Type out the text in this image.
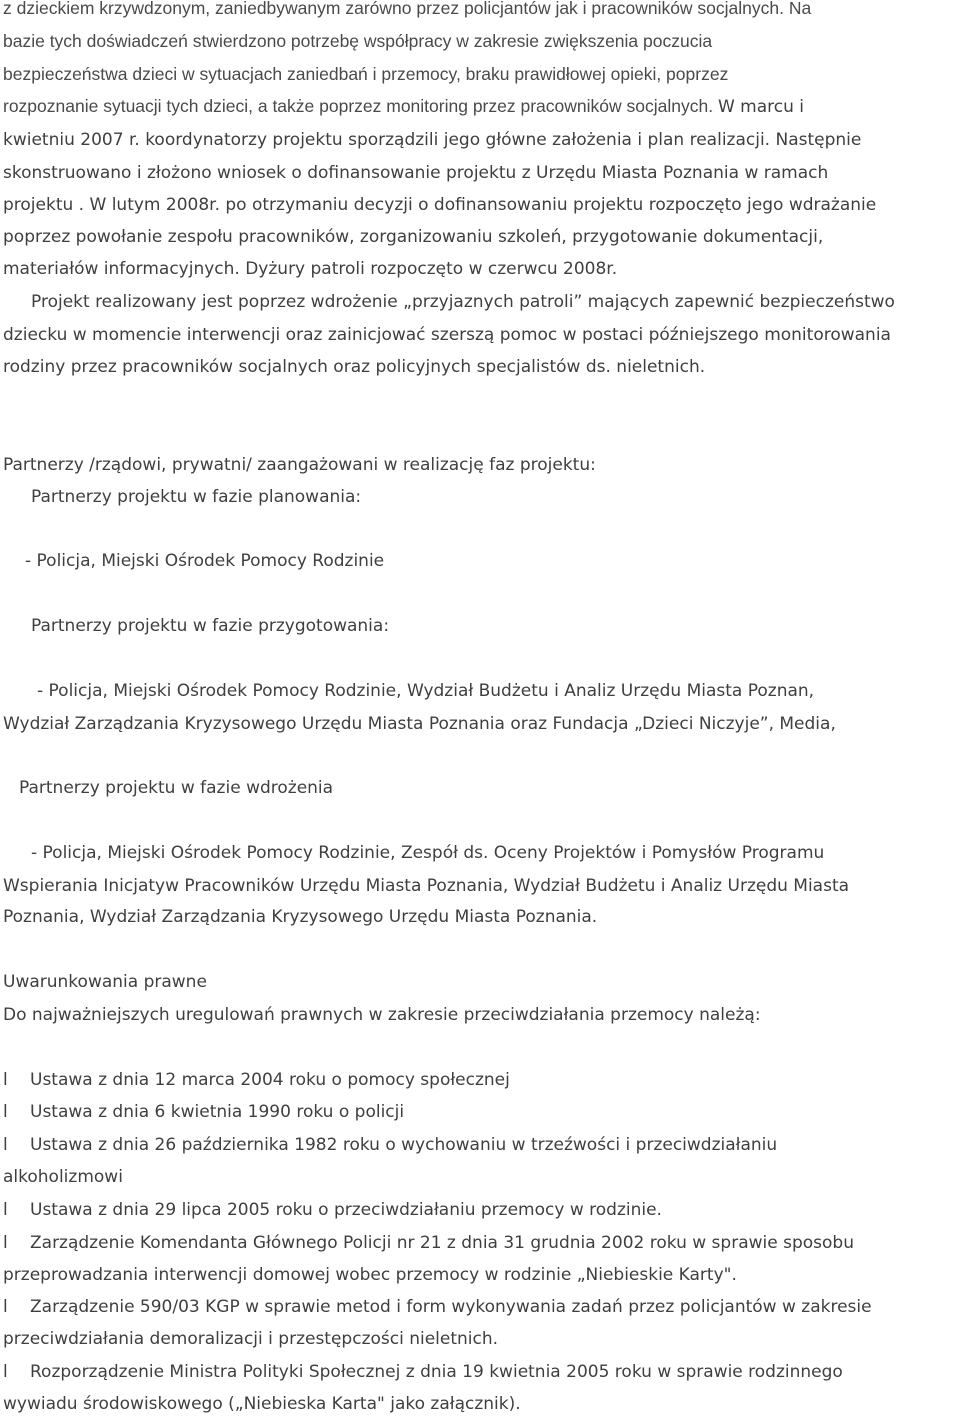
z dzieckiem krzywdzonym, zaniedbywanym zarówno przez policjantów jak i pracowników socjalnych. Na
bazie tych doświadczeń stwierdzono potrzebę współpracy w zakresie zwiększenia poczucia
bezpieczeństwa dzieci w sytuacjach zaniedbań i przemocy, braku prawidłowej opieki, poprzez
rozpoznanie sytuacji tych dzieci, a także poprzez monitoring przez pracowników socjalnych. W marcu i
kwietniu 2007 r. koordynatorzy projektu sporządzili jego główne założenia i plan realizacji. Następnie
skonstruowano i złożono wniosek o dofinansowanie projektu z Urzędu Miasta Poznania w ramach
projektu . W lutym 2008r. po otrzymaniu decyzji o dofinansowaniu projektu rozpoczęto jego wdrażanie
poprzez powołanie zespołu pracowników, zorganizowaniu szkoleń, przygotowanie dokumentacji,
materiałów informacyjnych. Dyżury patroli rozpoczęto w czerwcu 2008r.
Projekt realizowany jest poprzez wdrożenie „przyjaznych patroli” mających zapewnić bezpieczeństwo
dziecku w momencie interwencji oraz zainicjować szerszą pomoc w postaci późniejszego monitorowania
rodziny przez pracowników socjalnych oraz policyjnych specjalistów ds. nieletnich.
Partnerzy /rządowi, prywatni/ zaangażowani w realizację faz projektu:
Partnerzy projektu w fazie planowania:
- Policja, Miejski Ośrodek Pomocy Rodzinie
Partnerzy projektu w fazie przygotowania:
- Policja, Miejski Ośrodek Pomocy Rodzinie, Wydział Budżetu i Analiz Urzędu Miasta Poznan,
Wydział Zarządzania Kryzysowego Urzędu Miasta Poznania oraz Fundacja „Dzieci Niczyje”, Media,
Partnerzy projektu w fazie wdrożenia
- Policja, Miejski Ośrodek Pomocy Rodzinie, Zespół ds. Oceny Projektów i Pomysłów Programu
Wspierania Inicjatyw Pracowników Urzędu Miasta Poznania, Wydział Budżetu i Analiz Urzędu Miasta
Poznania, Wydział Zarządzania Kryzysowego Urzędu Miasta Poznania.
Uwarunkowania prawne
Do najważniejszych uregulowań prawnych w zakresie przeciwdziałania przemocy należą:
l Ustawa z dnia 12 marca 2004 roku o pomocy społecznej
l Ustawa z dnia 6 kwietnia 1990 roku o policji
l Ustawa z dnia 26 października 1982 roku o wychowaniu w trzeźwości i przeciwdziałaniu
alkoholizmowi
l Ustawa z dnia 29 lipca 2005 roku o przeciwdziałaniu przemocy w rodzinie.
l Zarządzenie Komendanta Głównego Policji nr 21 z dnia 31 grudnia 2002 roku w sprawie sposobu
przeprowadzania interwencji domowej wobec przemocy w rodzinie „Niebieskie Karty".
l Zarządzenie 590/03 KGP w sprawie metod i form wykonywania zadań przez policjantów w zakresie
przeciwdziałania demoralizacji i przestępczości nieletnich.
l Rozporządzenie Ministra Polityki Społecznej z dnia 19 kwietnia 2005 roku w sprawie rodzinnego
wywiadu środowiskowego („Niebieska Karta" jako załącznik).
